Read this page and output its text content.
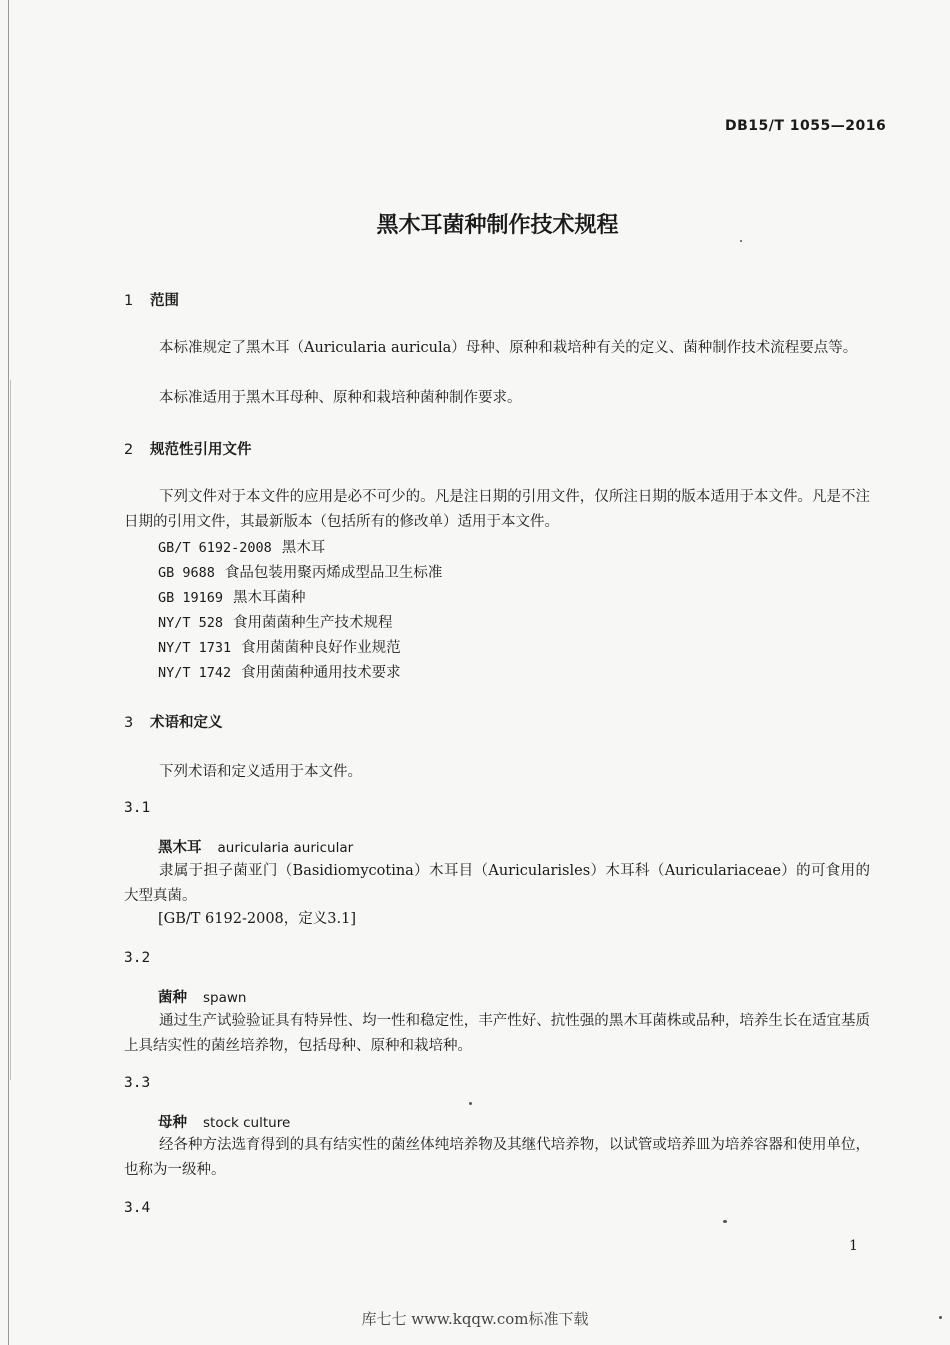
DB15/T 1055—2016
黑木耳菌种制作技术规程
1 范围
本标准规定了黑木耳（Auricularia auricula）母种、原种和栽培种有关的定义、菌种制作技术流程要点等。
本标准适用于黑木耳母种、原种和栽培种菌种制作要求。
2 规范性引用文件
下列文件对于本文件的应用是必不可少的。凡是注日期的引用文件，仅所注日期的版本适用于本文件。凡是不注日期的引用文件，其最新版本（包括所有的修改单）适用于本文件。
GB/T 6192-2008 黑木耳
GB 9688 食品包装用聚丙烯成型品卫生标准
GB 19169 黑木耳菌种
NY/T 528 食用菌菌种生产技术规程
NY/T 1731 食用菌菌种良好作业规范
NY/T 1742 食用菌菌种通用技术要求
3 术语和定义
下列术语和定义适用于本文件。
3.1
黑木耳 auricularia auricular
隶属于担子菌亚门（Basidiomycotina）木耳目（Auricularisles）木耳科（Auriculariaceae）的可食用的大型真菌。
[GB/T 6192-2008，定义3.1]
3.2
菌种 spawn
通过生产试验验证具有特异性、均一性和稳定性，丰产性好、抗性强的黑木耳菌株或品种，培养生长在适宜基质上具结实性的菌丝培养物，包括母种、原种和栽培种。
3.3
母种 stock culture
经各种方法选育得到的具有结实性的菌丝体纯培养物及其继代培养物，以试管或培养皿为培养容器和使用单位，也称为一级种。
3.4
1
库七七 www.kqqw.com标准下载
